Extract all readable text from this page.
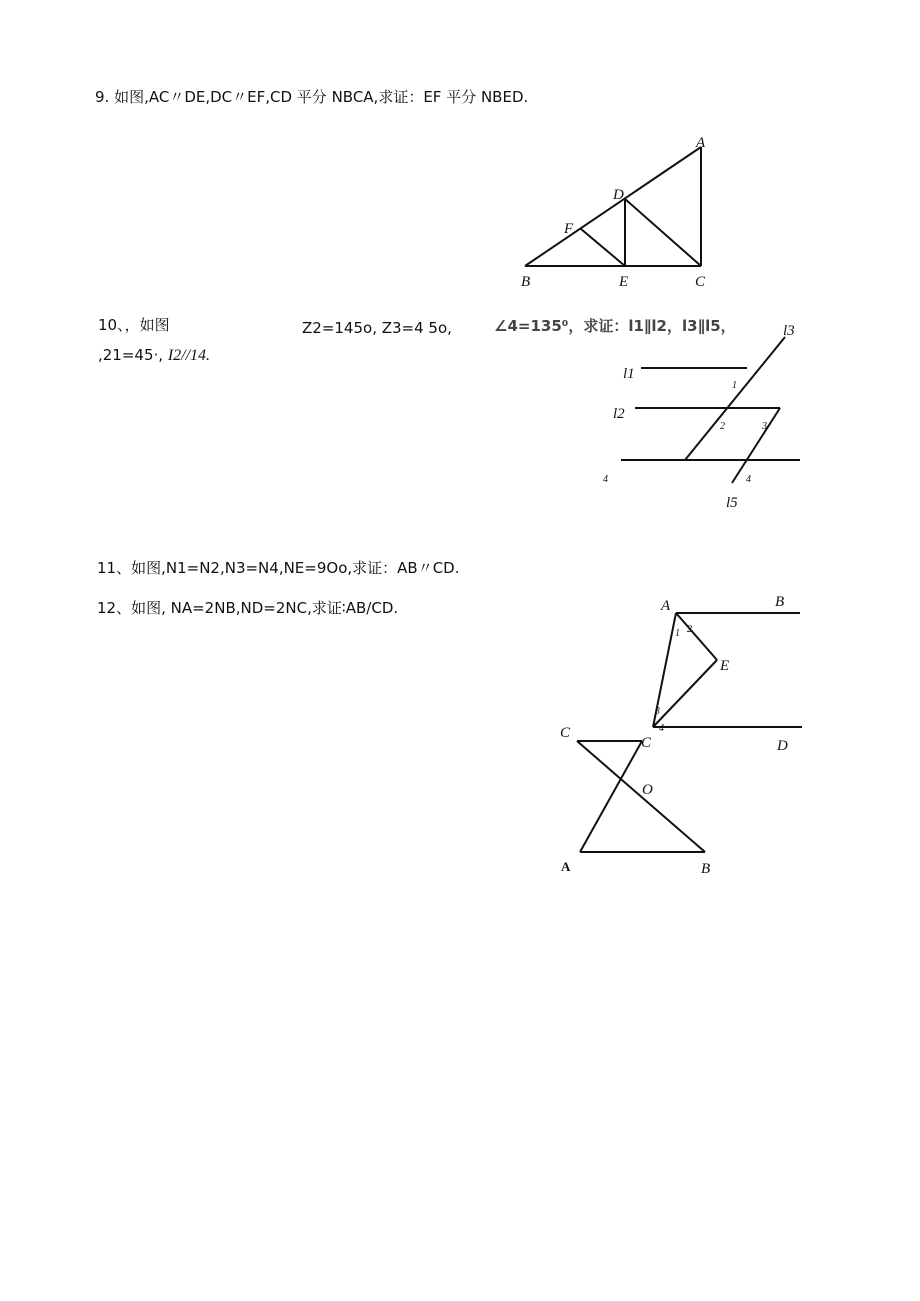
9. 如图,AC〃DE,DC〃EF,CD 平分 NBCA,求证：EF 平分 NBED.
A
D
F
B	E	C
10、，如图	Z2=145o, Z3=4 5o,
,21=45·, I2//14.
∠4=135⁰，求证：l1∥l2，l3∥l5，	l3
l1
l2
4
l5
1
2	3
4
11、如图,N1=N2,N3=N4,NE=9Oo,求证：AB〃CD.
12、如图, NA=2NB,ND=2NC,求证∶AB/CD.	A	B
E
C	D
1 2
3
4
C
O
A	B
